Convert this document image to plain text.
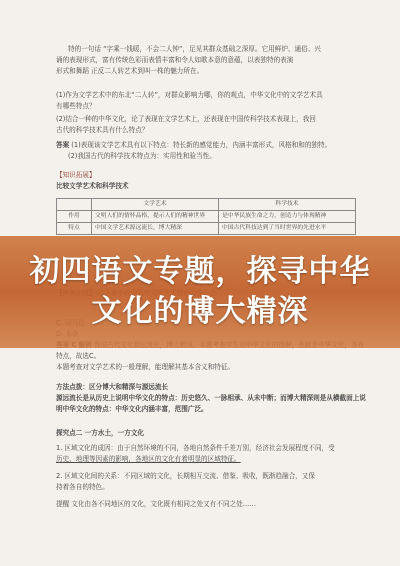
特的一句话 “字乘一钱暖，不会二人钟”，足见其群众基础之深厚。它用鲜炉、通俗、兴

诵的表现形式，富有传统色彩而表情丰富和令人如歌本意的意蕴，以表独特的表演

形式和舞蹈 正反二人转艺术到叫一株的魅力所在。

(1)作为文学艺术中的东北“二人转”，对群众影响力哪，你的观点，中华文化中的文学艺术具

有哪些特点？

(2)结合一种的中华文化，论了表现在文学艺术上，还表现在中国传科学技术表现上，我回

古代的科学技术具有什么特点？

答案 (1)表现该文学艺术具有以下特点：特长新的感觉能力，内涵丰富形式，风格和和的独特。

(2)我国古代的科学技术特点为：实用性和验当性。

【知识拓展】

比较文学艺术和科学技术

	文学艺术	科学技术
作用	文明人们的情怀品格，提示人们的精神世界	是中华民族生命之力，创造力与体现精神
特点	中国文学艺术源远流长，博大精深	中国古代科技达到了当时世界的先进水平

特点，故选C。

本题考查对文学艺术的一般理解，能理解其基本含义和特征。

方法点拨：区分博大和精深与源远流长

源远流长是从历史上说明中华文化的特点：历史悠久、一脉相承、从未中断；而博大精深则是从横截面上说

明中华文化的特点：中华文化内涵丰富，范围广泛。

探究点二 一方水土，一方文化

1. 区域文化的成因：由于自然环境的不同，各地自然条件千差万别，经济社会发展程度不同，受

历史、地理等因素的影响，各地区的文化有着明显的区域特征。

2. 区域文化间的关系：不同区域的文化，长期相互交流、借鉴、吸收，既渐趋融合，又保

持着各自的特色。

提醒 文化由各不同地区的文化，文化既有相同之处又有不同之处……

初四语文专题，探寻中华文化的博大精深
